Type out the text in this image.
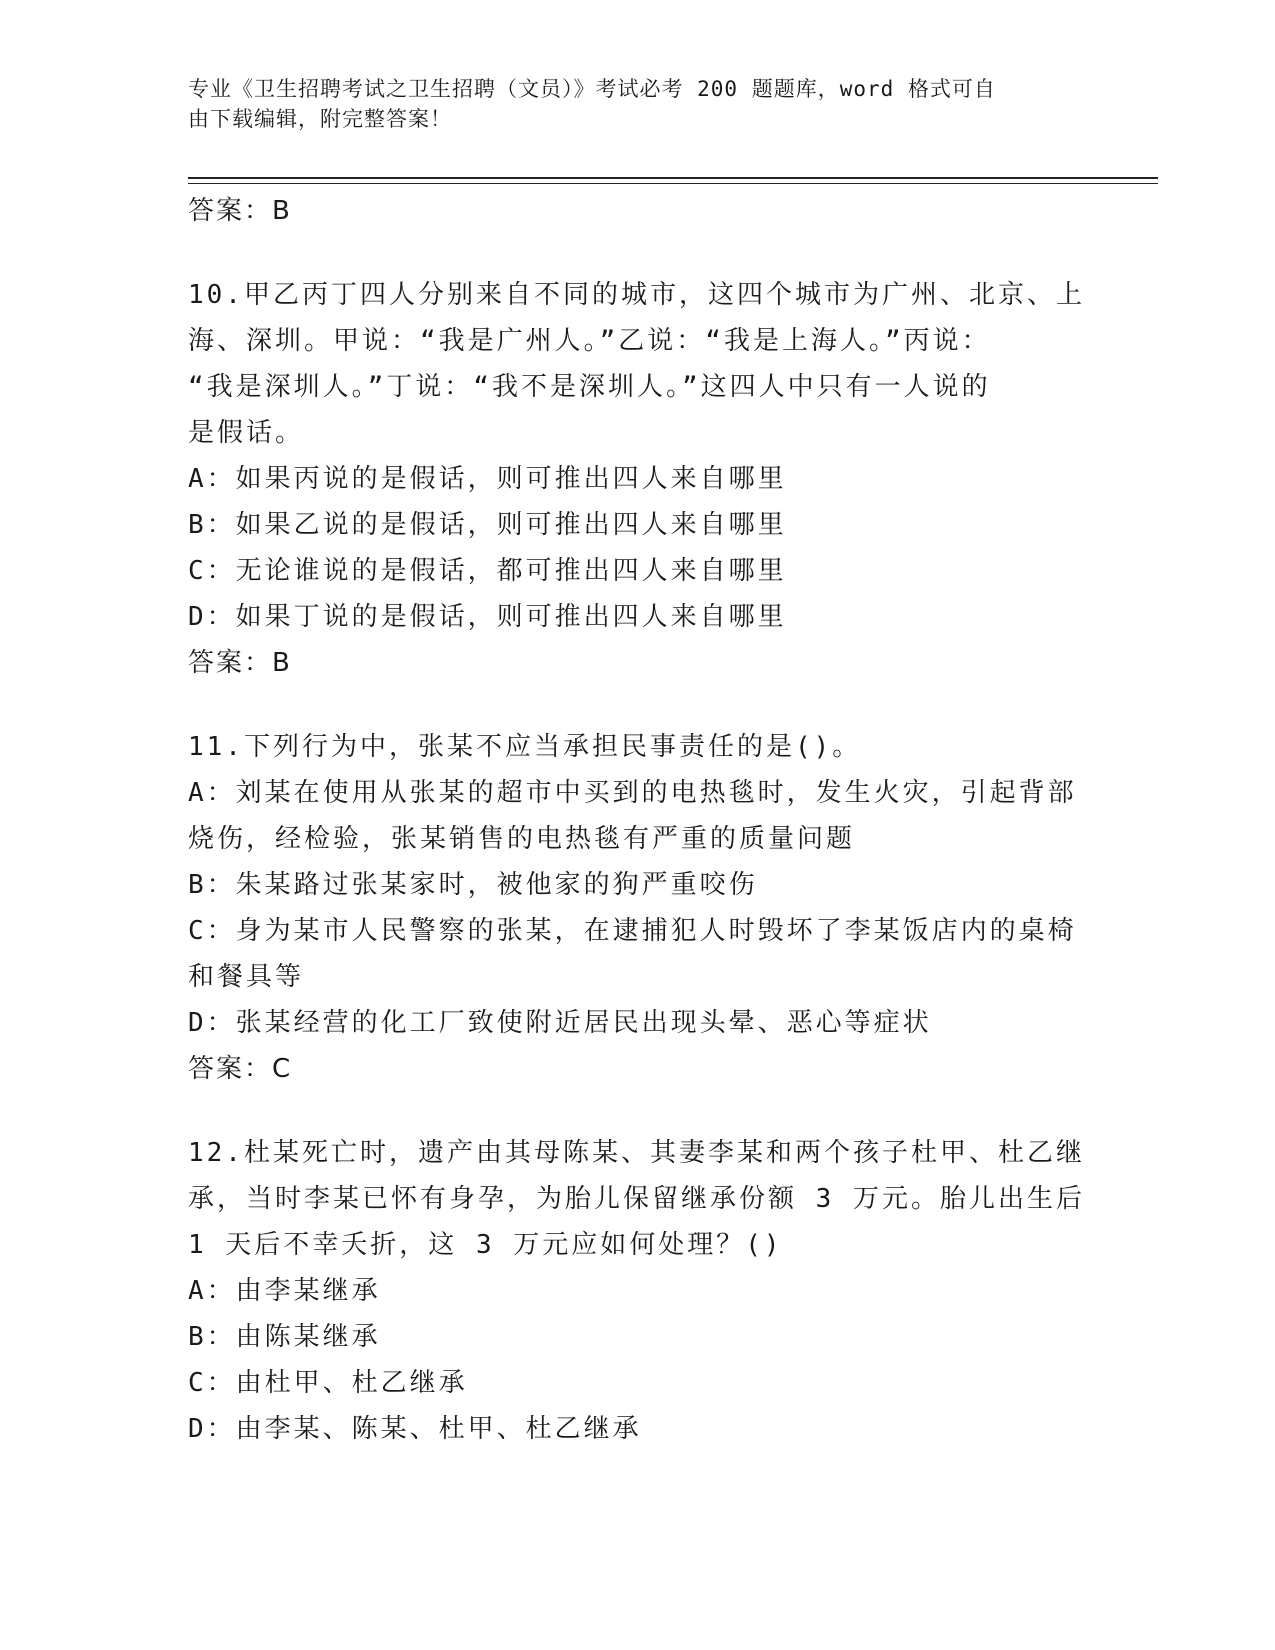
专业《卫生招聘考试之卫生招聘（文员）》考试必考 200 题题库，word 格式可自
由下载编辑，附完整答案！
答案：B
10.甲乙丙丁四人分别来自不同的城市，这四个城市为广州、北京、上
海、深圳。甲说：“我是广州人。”乙说：“我是上海人。”丙说：
“我是深圳人。”丁说：“我不是深圳人。”这四人中只有一人说的
是假话。
A：如果丙说的是假话，则可推出四人来自哪里
B：如果乙说的是假话，则可推出四人来自哪里
C：无论谁说的是假话，都可推出四人来自哪里
D：如果丁说的是假话，则可推出四人来自哪里
答案：B
11.下列行为中，张某不应当承担民事责任的是()。
A：刘某在使用从张某的超市中买到的电热毯时，发生火灾，引起背部
烧伤，经检验，张某销售的电热毯有严重的质量问题
B：朱某路过张某家时，被他家的狗严重咬伤
C：身为某市人民警察的张某，在逮捕犯人时毁坏了李某饭店内的桌椅
和餐具等
D：张某经营的化工厂致使附近居民出现头晕、恶心等症状
答案：C
12.杜某死亡时，遗产由其母陈某、其妻李某和两个孩子杜甲、杜乙继
承，当时李某已怀有身孕，为胎儿保留继承份额 3 万元。胎儿出生后
1 天后不幸夭折，这 3 万元应如何处理？()
A：由李某继承
B：由陈某继承
C：由杜甲、杜乙继承
D：由李某、陈某、杜甲、杜乙继承
